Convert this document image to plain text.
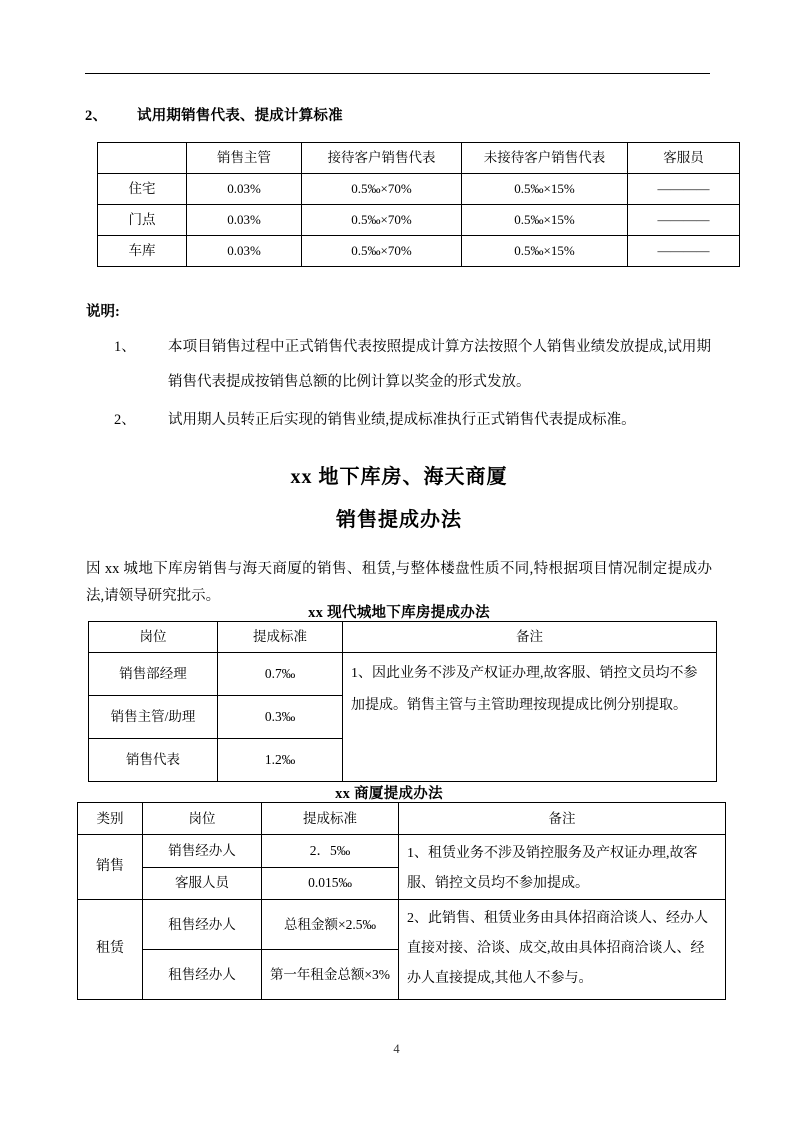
2、 试用期销售代表、提成计算标准
	销售主管	接待客户销售代表	未接待客户销售代表	客服员
住宅	0.03%	0.5‰×70%	0.5‰×15%	————
门点	0.03%	0.5‰×70%	0.5‰×15%	————
车库	0.03%	0.5‰×70%	0.5‰×15%	————
说明:
1、	本项目销售过程中正式销售代表按照提成计算方法按照个人销售业绩发放提成,试用期销售代表提成按销售总额的比例计算以奖金的形式发放。
2、	试用期人员转正后实现的销售业绩,提成标准执行正式销售代表提成标准。
xx 地下库房、海天商厦
销售提成办法
因 xx 城地下库房销售与海天商厦的销售、租赁,与整体楼盘性质不同,特根据项目情况制定提成办法,请领导研究批示。
xx 现代城地下库房提成办法
岗位	提成标准	备注
销售部经理	0.7‰	1、因此业务不涉及产权证办理,故客服、销控文员均不参加提成。销售主管与主管助理按现提成比例分别提取。
销售主管/助理	0.3‰	
销售代表	1.2‰	
xx 商厦提成办法
类别	岗位	提成标准	备注
销售	销售经办人	2．5‰	1、租赁业务不涉及销控服务及产权证办理,故客服、销控文员均不参加提成。
	客服人员	0.015‰	
租赁	租售经办人	总租金额×2.5‰	2、此销售、租赁业务由具体招商洽谈人、经办人直接对接、洽谈、成交,故由具体招商洽谈人、经办人直接提成,其他人不参与。
	租售经办人	第一年租金总额×3%	
4
